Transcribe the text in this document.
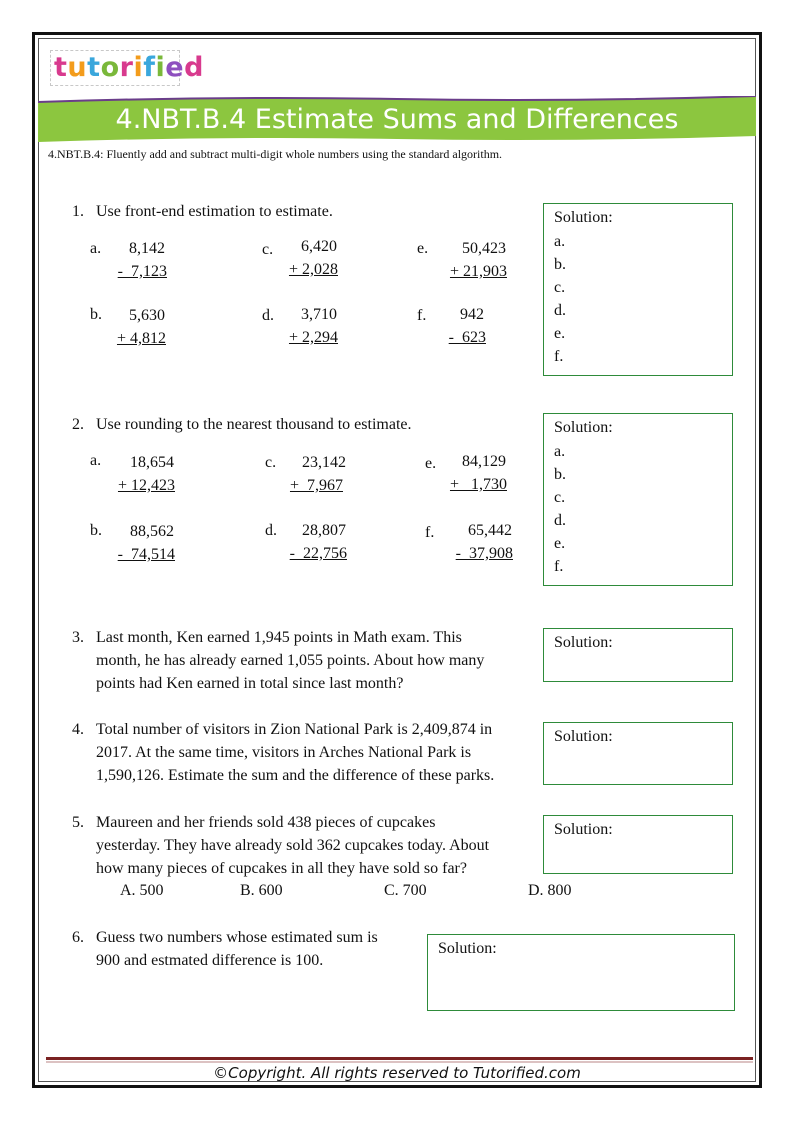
tutorified
4.NBT.B.4 Estimate Sums and Differences
4.NBT.B.4: Fluently add and subtract multi-digit whole numbers using the standard algorithm.
1. Use front-end estimation to estimate.
a.	8,142
-  7,123
c.	6,420
+ 2,028
e.	50,423
+ 21,903
b.	5,630
+ 4,812
d.	3,710
+ 2,294
f.	942
-  623
Solution:
a.
b.
c.
d.
e.
f.
2. Use rounding to the nearest thousand to estimate.
a.	18,654
+ 12,423
c.	23,142
+  7,967
e.	84,129
+   1,730
b.	88,562
-  74,514
d.	28,807
-  22,756
f.	65,442
-  37,908
Solution:
a.
b.
c.
d.
e.
f.
3. Last month, Ken earned 1,945 points in Math exam. This
month, he has already earned 1,055 points. About how many
points had Ken earned in total since last month?
Solution:
4. Total number of visitors in Zion National Park is 2,409,874 in
2017. At the same time, visitors in Arches National Park is
1,590,126. Estimate the sum and the difference of these parks.
Solution:
5. Maureen and her friends sold 438 pieces of cupcakes
yesterday. They have already sold 362 cupcakes today. About
how many pieces of cupcakes in all they have sold so far?
A. 500	B. 600	C. 700	D. 800
Solution:
6. Guess two numbers whose estimated sum is
900 and estmated difference is 100.
Solution:
©Copyright. All rights reserved to Tutorified.com
